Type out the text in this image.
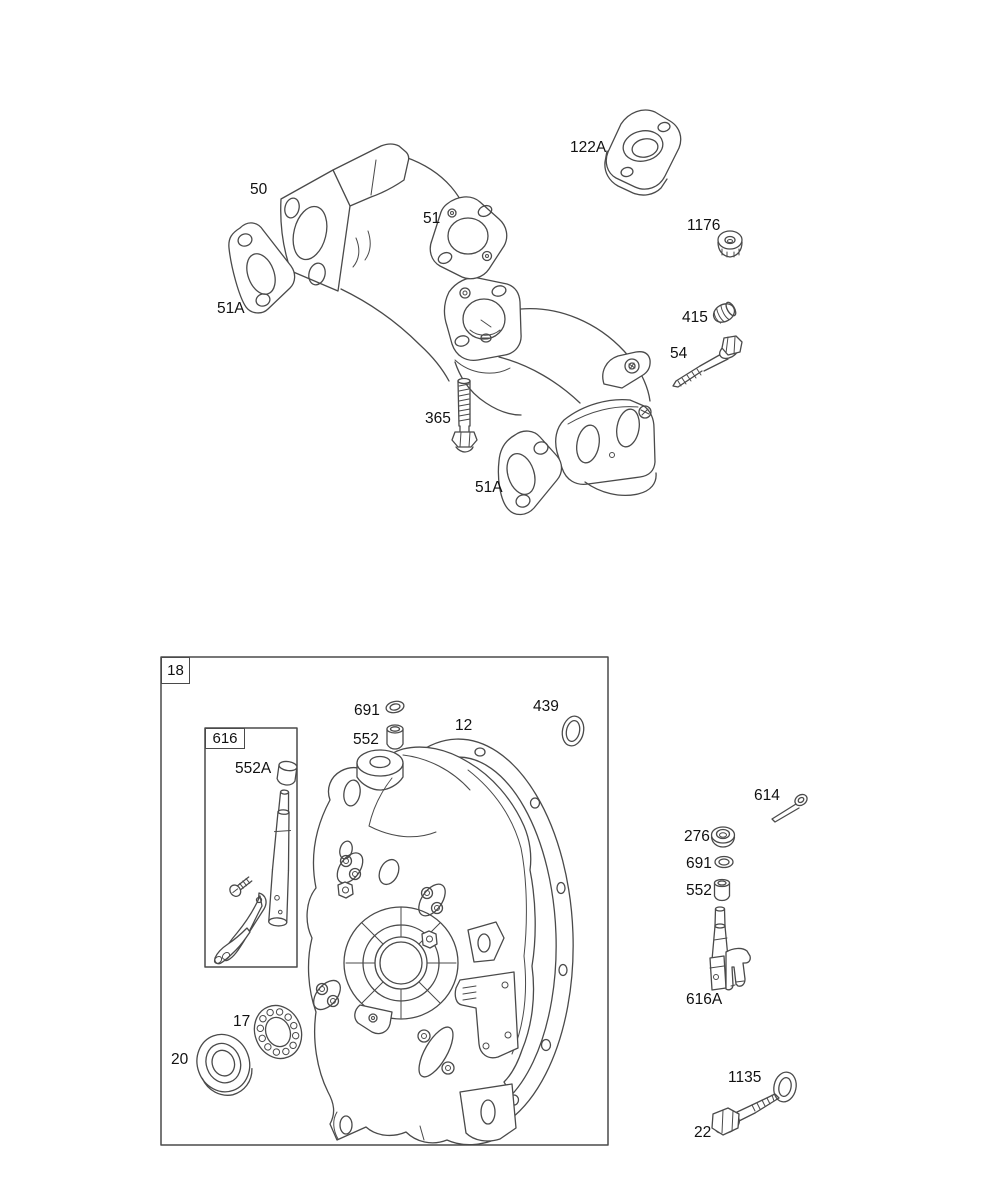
122A
50
51	1176
51A
415
54
365
51A
18
616
691
552
12
439
552A
17
20
614
276
691
552
616A
1135
22
